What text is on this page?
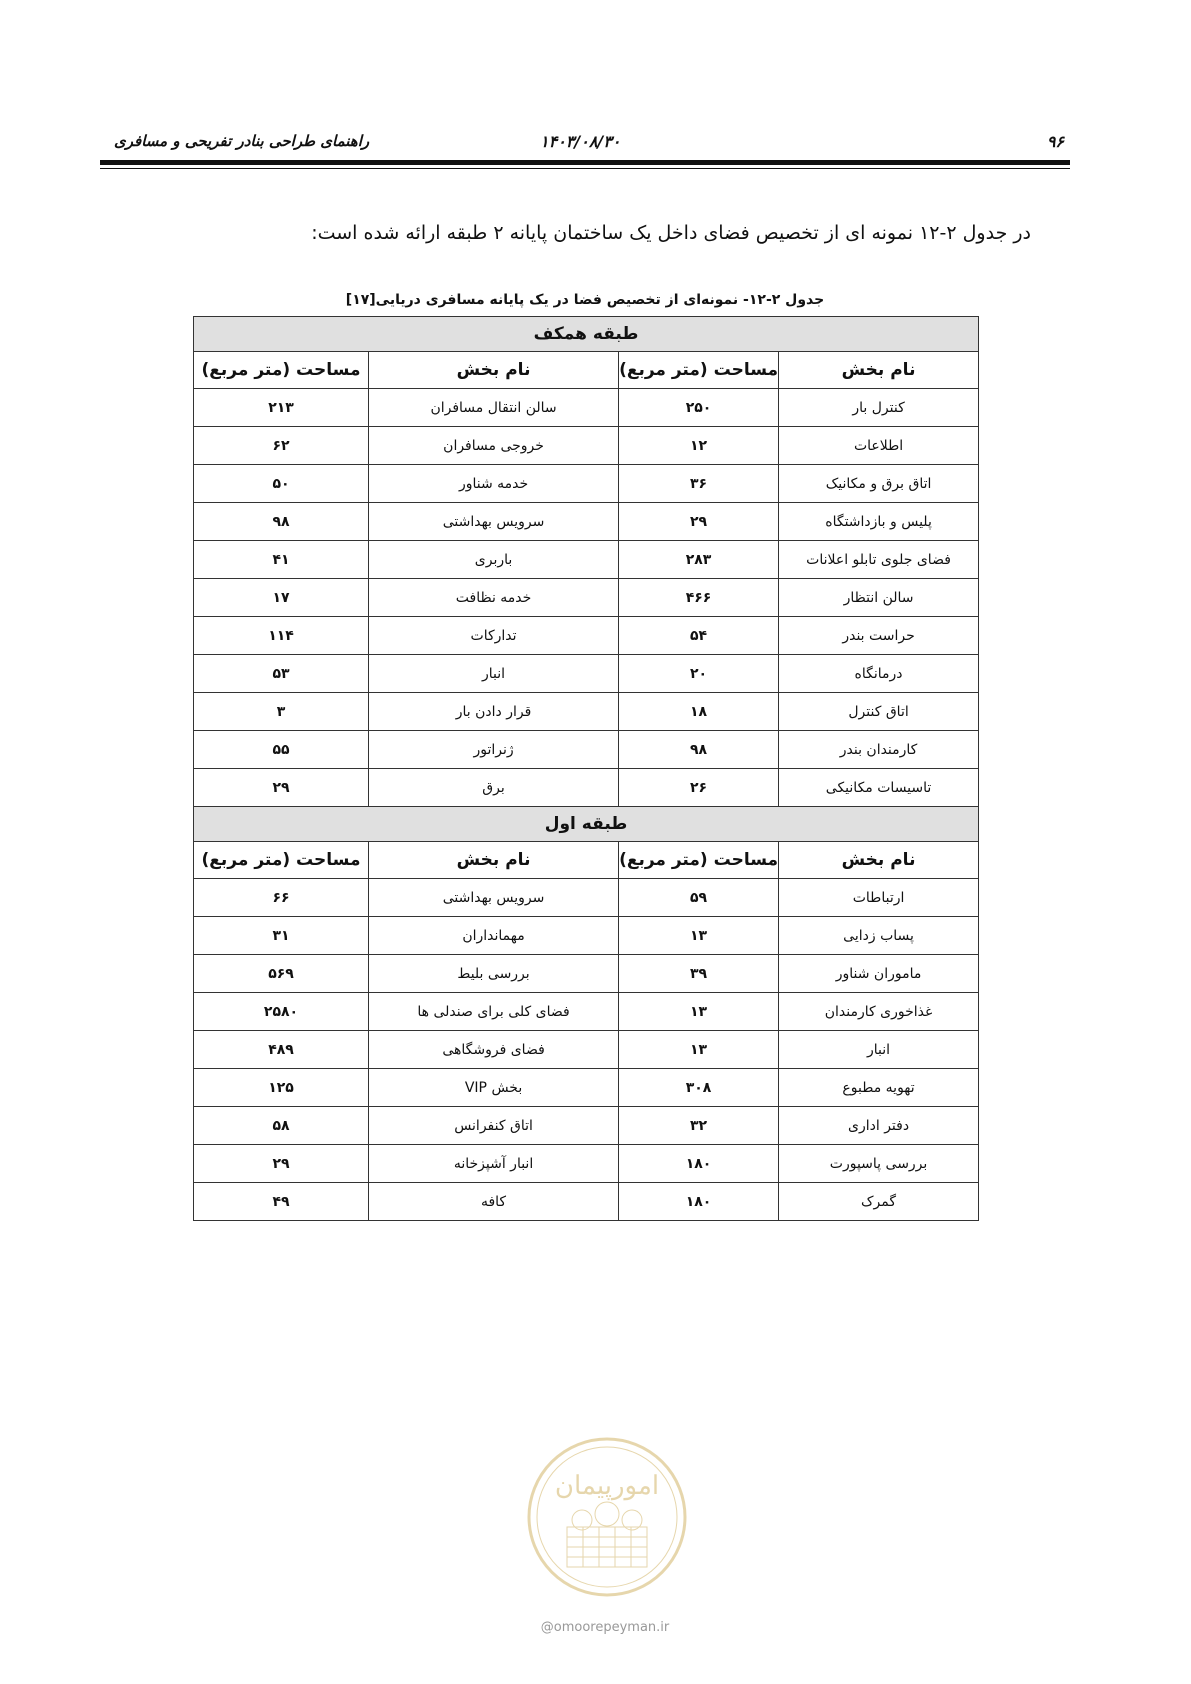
۹۶
۱۴۰۳/۰۸/۳۰
راهنمای طراحی بنادر تفریحی و مسافری
در جدول ۲-۱۲ نمونه ای از تخصیص فضای داخل یک ساختمان پایانه ۲ طبقه ارائه شده است:
جدول ۲-۱۲- نمونه‌ای از تخصیص فضا در یک پایانه مسافری دریایی[۱۷]
طبقه همکف			
نام بخش	مساحت (متر مربع)	نام بخش	مساحت (متر مربع)
کنترل بار	۲۵۰	سالن انتقال مسافران	۲۱۳
اطلاعات	۱۲	خروجی مسافران	۶۲
اتاق برق و مکانیک	۳۶	خدمه شناور	۵۰
پلیس و بازداشتگاه	۲۹	سرویس بهداشتی	۹۸
فضای جلوی تابلو اعلانات	۲۸۳	باربری	۴۱
سالن انتظار	۴۶۶	خدمه نظافت	۱۷
حراست بندر	۵۴	تدارکات	۱۱۴
درمانگاه	۲۰	انبار	۵۳
اتاق کنترل	۱۸	قرار دادن بار	۳
کارمندان بندر	۹۸	ژنراتور	۵۵
تاسیسات مکانیکی	۲۶	برق	۲۹
طبقه اول			
نام بخش	مساحت (متر مربع)	نام بخش	مساحت (متر مربع)
ارتباطات	۵۹	سرویس بهداشتی	۶۶
پساب زدایی	۱۳	مهمانداران	۳۱
ماموران شناور	۳۹	بررسی بلیط	۵۶۹
غذاخوری کارمندان	۱۳	فضای کلی برای صندلی ها	۲۵۸۰
انبار	۱۳	فضای فروشگاهی	۴۸۹
تهویه مطبوع	۳۰۸	بخش VIP	۱۲۵
دفتر اداری	۳۲	اتاق کنفرانس	۵۸
بررسی پاسپورت	۱۸۰	انبار آشپزخانه	۲۹
گمرک	۱۸۰	کافه	۴۹
امورپیمان
@omoorepeyman.ir
